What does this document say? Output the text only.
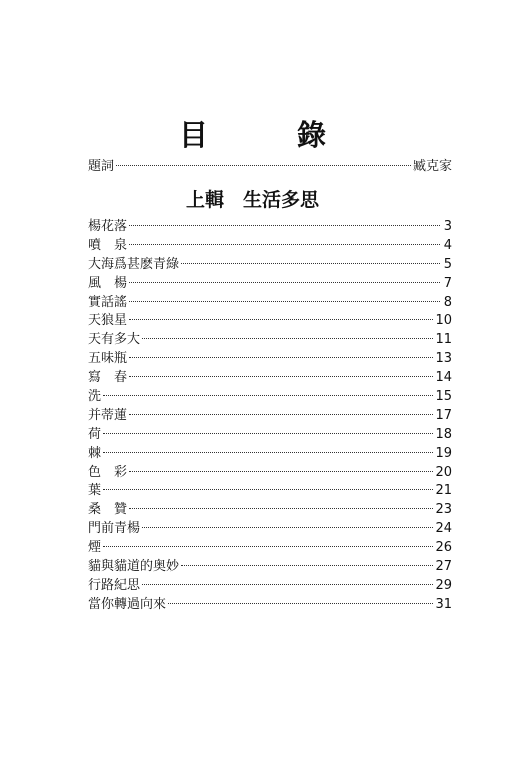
目　錄
題詞	臧克家
上輯　生活多思
楊花落	3
噴　泉	4
大海爲甚麽青綠	5
風　楊	7
實話謠	8
天狼星	10
天有多大	11
五味瓶	13
寫　春	14
洗	15
并蒂蓮	17
荷	18
棘	19
色　彩	20
葉	21
桑　贊	23
門前青楊	24
煙	26
貓與貓道的奥妙	27
行路紀思	29
當你轉過向來	31
